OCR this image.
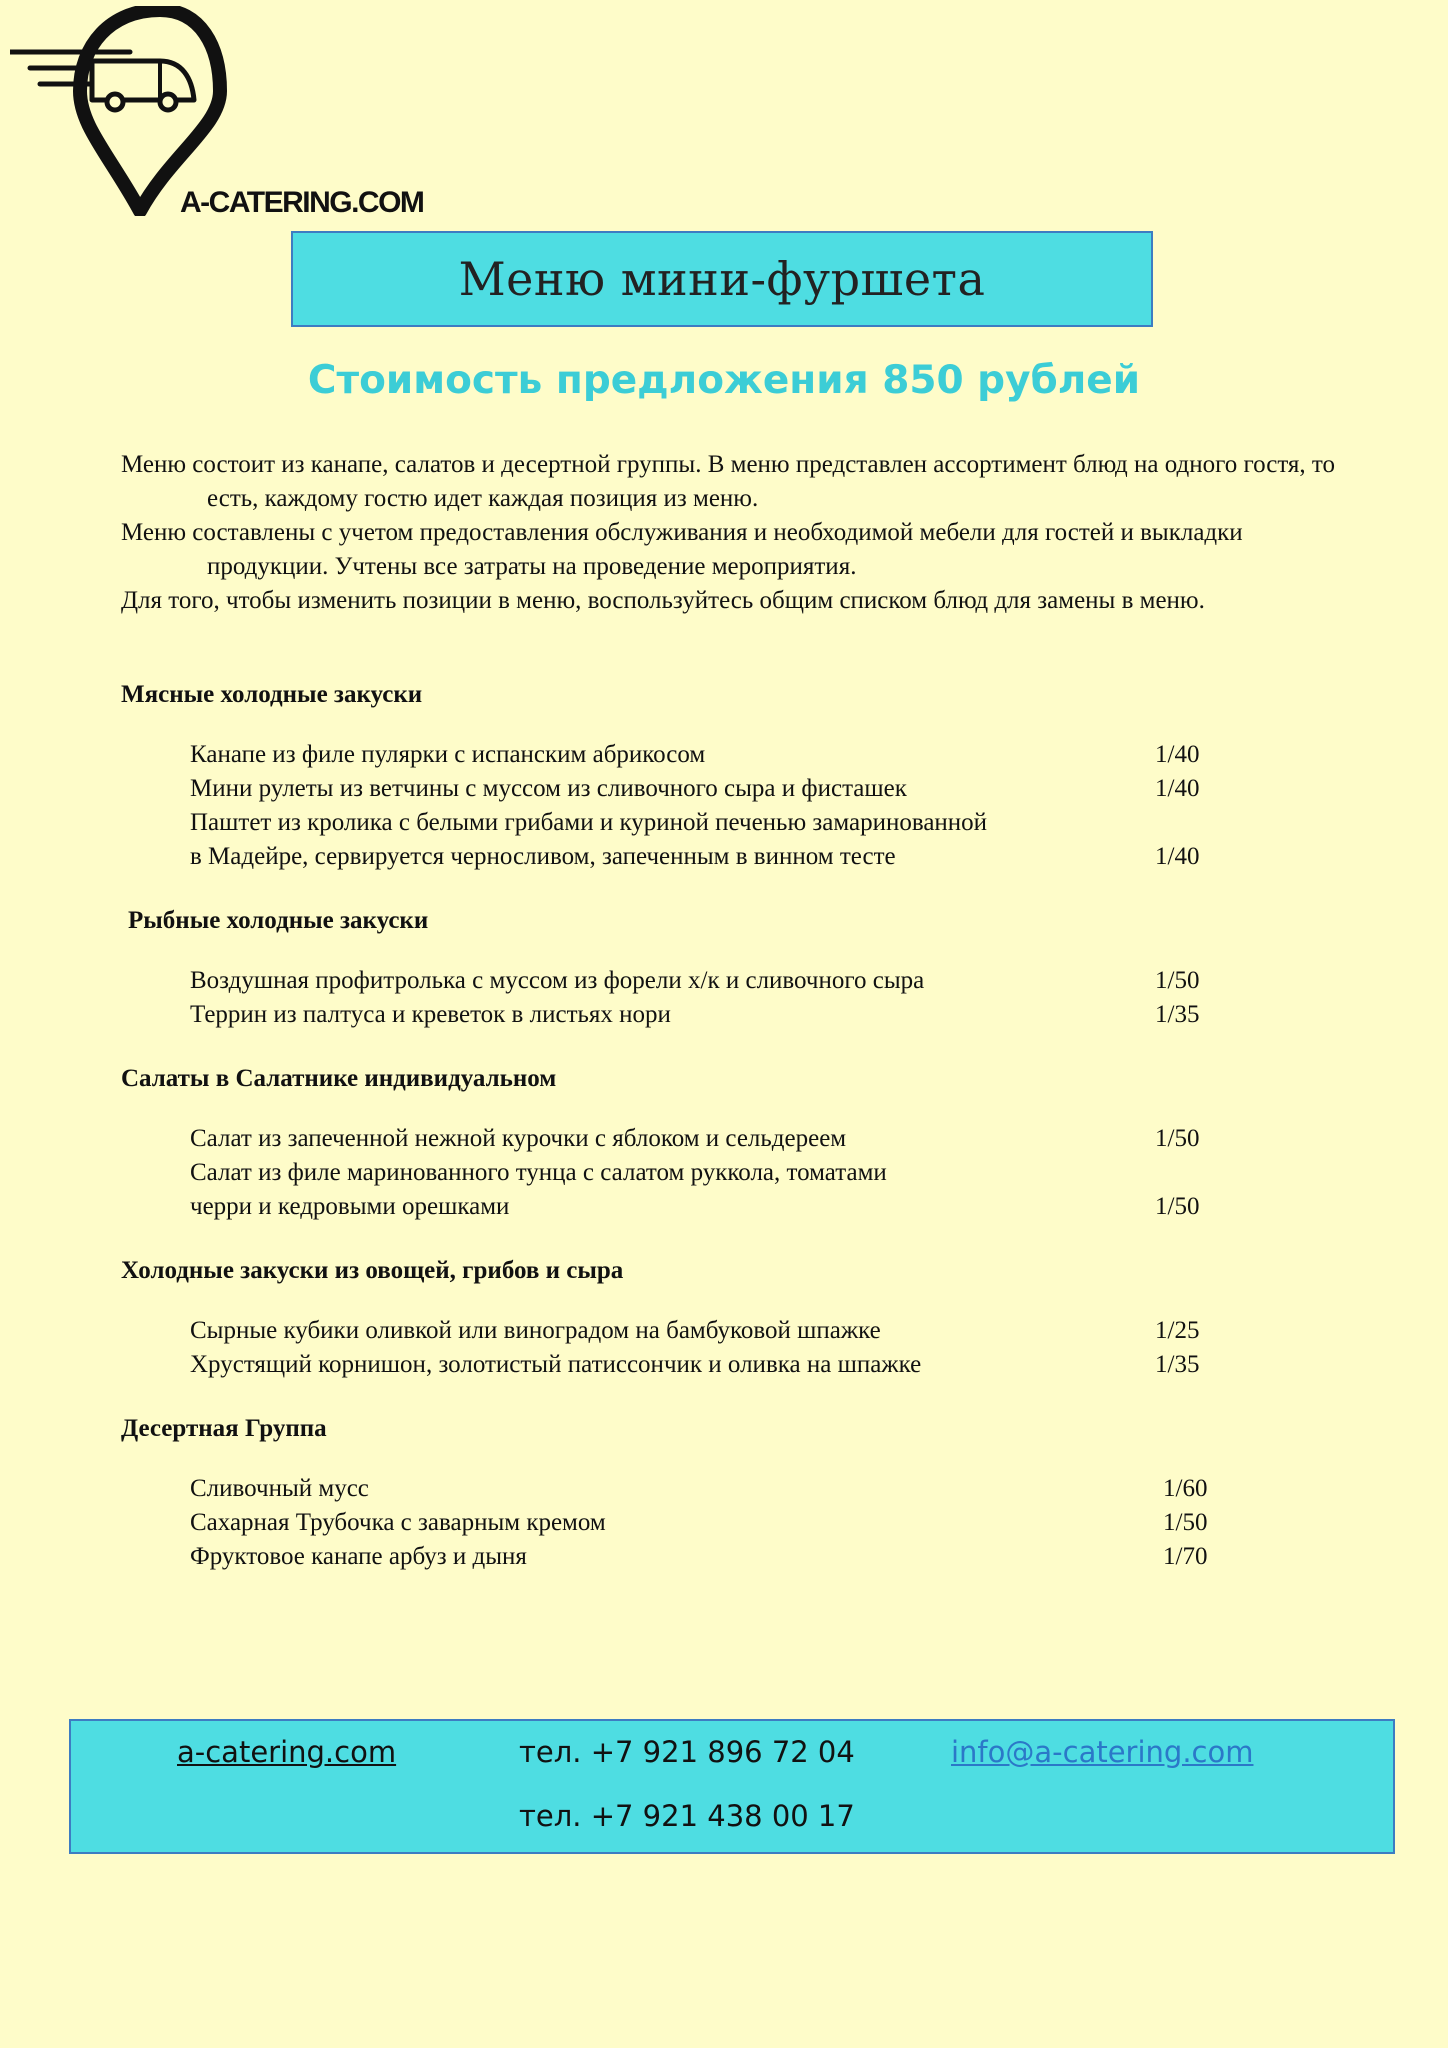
A-CATERING.COM
Меню мини-фуршета
Стоимость предложения 850 рублей

Меню состоит из канапе, салатов и десертной группы. В меню представлен ассортимент блюд на одного гостя, то есть, каждому гостю идет каждая позиция из меню.

Меню составлены с учетом предоставления обслуживания и необходимой мебели для гостей и выкладки продукции. Учтены все затраты на проведение мероприятия.

Для того, чтобы изменить позиции в меню, воспользуйтесь общим списком блюд для замены в меню.

Мясные холодные закуски
Канапе из филе пулярки с испанским абрикосом	1/40
Мини рулеты из ветчины с муссом из сливочного сыра и фисташек	1/40
Паштет из кролика с белыми грибами и куриной печенью замаринованной
в Мадейре, сервируется черносливом, запеченным в винном тесте	1/40
Рыбные холодные закуски
Воздушная профитролька с муссом из форели х/к и сливочного сыра	1/50
Террин из палтуса и креветок в листьях нори	1/35
Салаты в Салатнике индивидуальном
Салат из запеченной нежной курочки с яблоком и сельдереем	1/50
Салат из филе маринованного тунца с салатом руккола, томатами
черри и кедровыми орешками	1/50
Холодные закуски из овощей, грибов и сыра
Сырные кубики оливкой или виноградом на бамбуковой шпажке	1/25
Хрустящий корнишон, золотистый патиссончик и оливка на шпажке	1/35
Десертная Группа
Сливочный мусс	1/60
Сахарная Трубочка с заварным кремом	1/50
Фруктовое канапе арбуз и дыня	1/70
a-catering.com	тел. +7 921 896 72 04
тел. +7 921 438 00 17
info@a-catering.com
